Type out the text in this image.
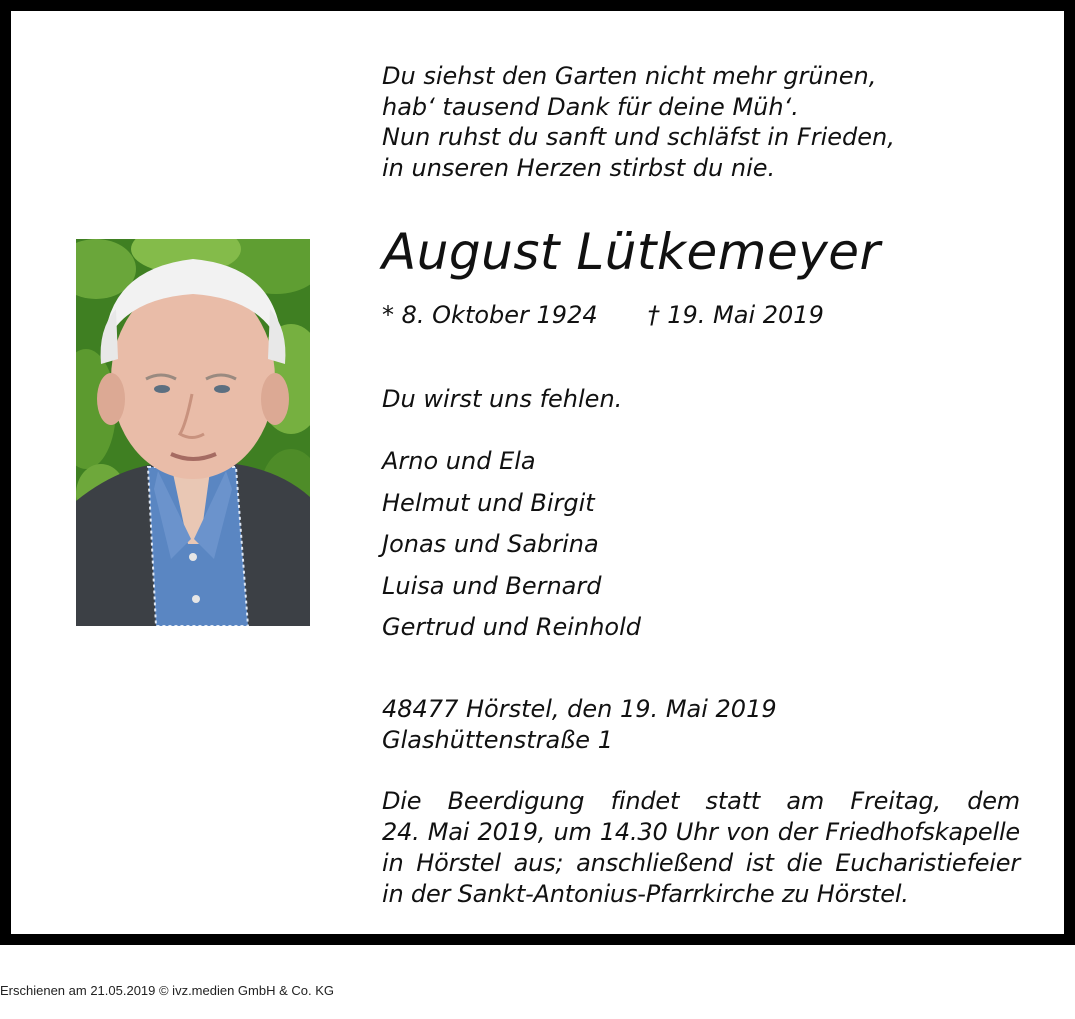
Du siehst den Garten nicht mehr grünen,
hab‘ tausend Dank für deine Müh‘.
Nun ruhst du sanft und schläfst in Frieden,
in unseren Herzen stirbst du nie.
August Lütkemeyer
* 8. Oktober 1924 † 19. Mai 2019
Du wirst uns fehlen.
Arno und Ela
Helmut und Birgit
Jonas und Sabrina
Luisa und Bernard
Gertrud und Reinhold
48477 Hörstel, den 19. Mai 2019
Glashüttenstraße 1
Die Beerdigung findet statt am Freitag, dem
24. Mai 2019, um 14.30 Uhr von der Friedhofskapelle
in Hörstel aus; anschließend ist die Eucharistiefeier
in der Sankt-Antonius-Pfarrkirche zu Hörstel.
Erschienen am 21.05.2019 © ivz.medien GmbH & Co. KG
